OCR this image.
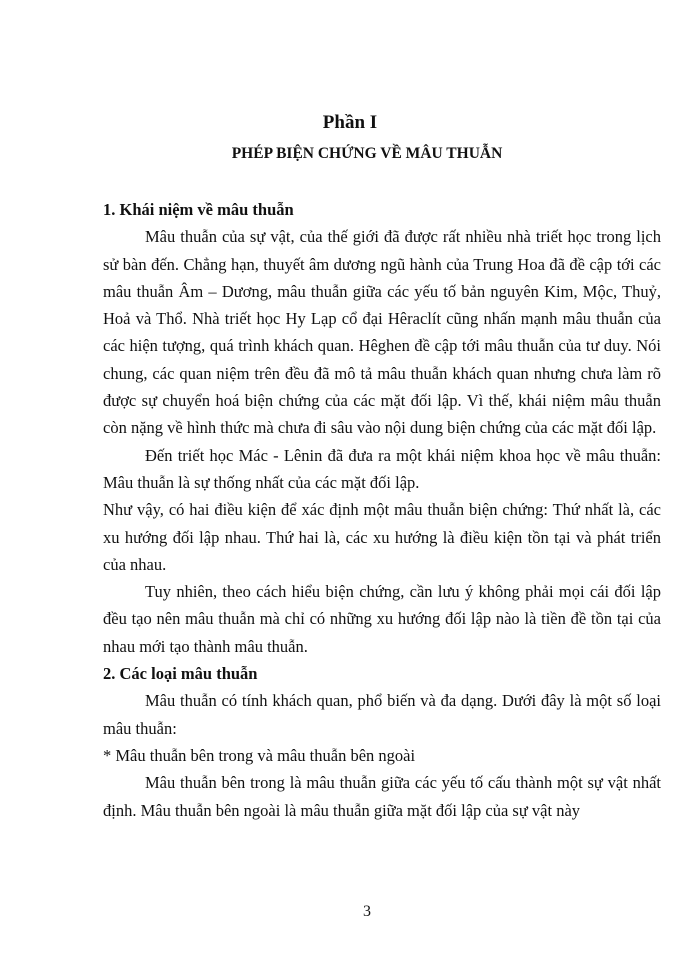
Phần I
PHÉP BIỆN CHỨNG VỀ MÂU THUẪN
1. Khái niệm về mâu thuẫn

Mâu thuẫn của sự vật, của thế giới đã được rất nhiều nhà triết học trong lịch sử bàn đến. Chẳng hạn, thuyết âm dương ngũ hành của Trung Hoa đã đề cập tới các mâu thuẫn Âm – Dương, mâu thuẫn giữa các yếu tố bản nguyên Kim, Mộc, Thuỷ, Hoả và Thổ. Nhà triết học Hy Lạp cổ đại Hêraclít cũng nhấn mạnh mâu thuẫn của các hiện tượng, quá trình khách quan. Hêghen đề cập tới mâu thuẫn của tư duy. Nói chung, các quan niệm trên đều đã mô tả mâu thuẫn khách quan nhưng chưa làm rõ được sự chuyển hoá biện chứng của các mặt đối lập. Vì thế, khái niệm mâu thuẫn còn nặng về hình thức mà chưa đi sâu vào nội dung biện chứng của các mặt đối lập.

Đến triết học Mác - Lênin đã đưa ra một khái niệm khoa học về mâu thuẫn: Mâu thuẫn là sự thống nhất của các mặt đối lập.

Như vậy, có hai điều kiện để xác định một mâu thuẫn biện chứng: Thứ nhất là, các xu hướng đối lập nhau. Thứ hai là, các xu hướng là điều kiện tồn tại và phát triển của nhau.

Tuy nhiên, theo cách hiểu biện chứng, cần lưu ý không phải mọi cái đối lập đều tạo nên mâu thuẫn mà chỉ có những xu hướng đối lập nào là tiền đề tồn tại của nhau mới tạo thành mâu thuẫn.

2. Các loại mâu thuẫn

Mâu thuẫn có tính khách quan, phổ biến và đa dạng. Dưới đây là một số loại mâu thuẫn:

* Mâu thuẫn bên trong và mâu thuẫn bên ngoài

Mâu thuẫn bên trong là mâu thuẫn giữa các yếu tố cấu thành một sự vật nhất định. Mâu thuẫn bên ngoài là mâu thuẫn giữa mặt đối lập của sự vật này

3
